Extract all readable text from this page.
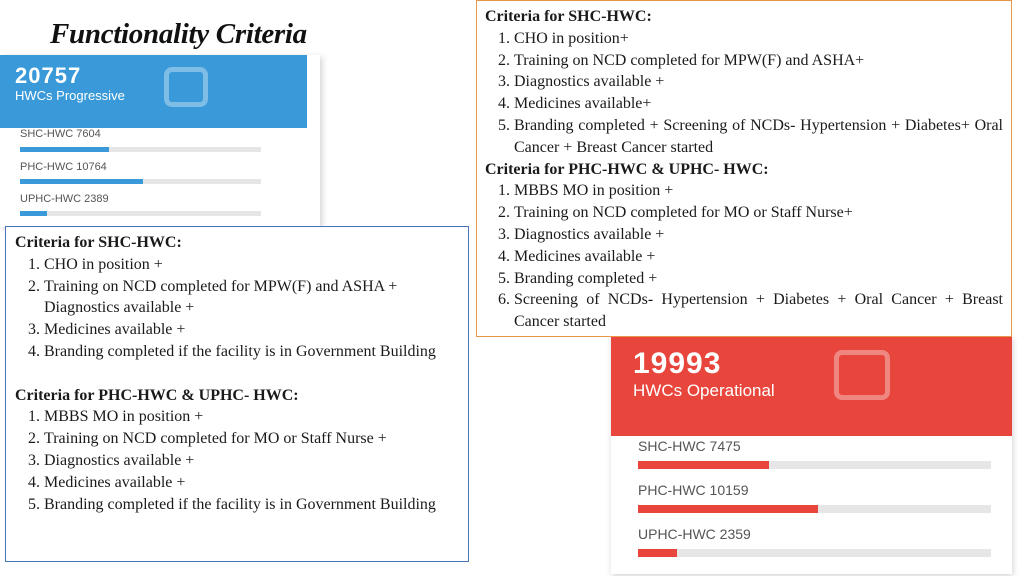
Functionality Criteria
20757
HWCs Progressive
SHC-HWC 7604
PHC-HWC 10764
UPHC-HWC 2389
19993
HWCs Operational
SHC-HWC 7475
PHC-HWC 10159
UPHC-HWC 2359
Criteria for SHC-HWC:
1. CHO in position +
2. Training on NCD completed for MPW(F) and ASHA + Diagnostics available +
3. Medicines available +
4. Branding completed if the facility is in Government Building
Criteria for PHC-HWC & UPHC- HWC:
1. MBBS MO in position +
2. Training on NCD completed for MO or Staff Nurse +
3. Diagnostics available +
4. Medicines available +
5. Branding completed if the facility is in Government Building
Criteria for SHC-HWC:
1. CHO in position+
2. Training on NCD completed for MPW(F) and ASHA+
3. Diagnostics available +
4. Medicines available+
5. Branding completed + Screening of NCDs- Hypertension + Diabetes+ Oral Cancer + Breast Cancer started
Criteria for PHC-HWC & UPHC- HWC:
1. MBBS MO in position +
2. Training on NCD completed for MO or Staff Nurse+
3. Diagnostics available +
4. Medicines available +
5. Branding completed +
6. Screening of NCDs- Hypertension + Diabetes + Oral Cancer + Breast Cancer started
